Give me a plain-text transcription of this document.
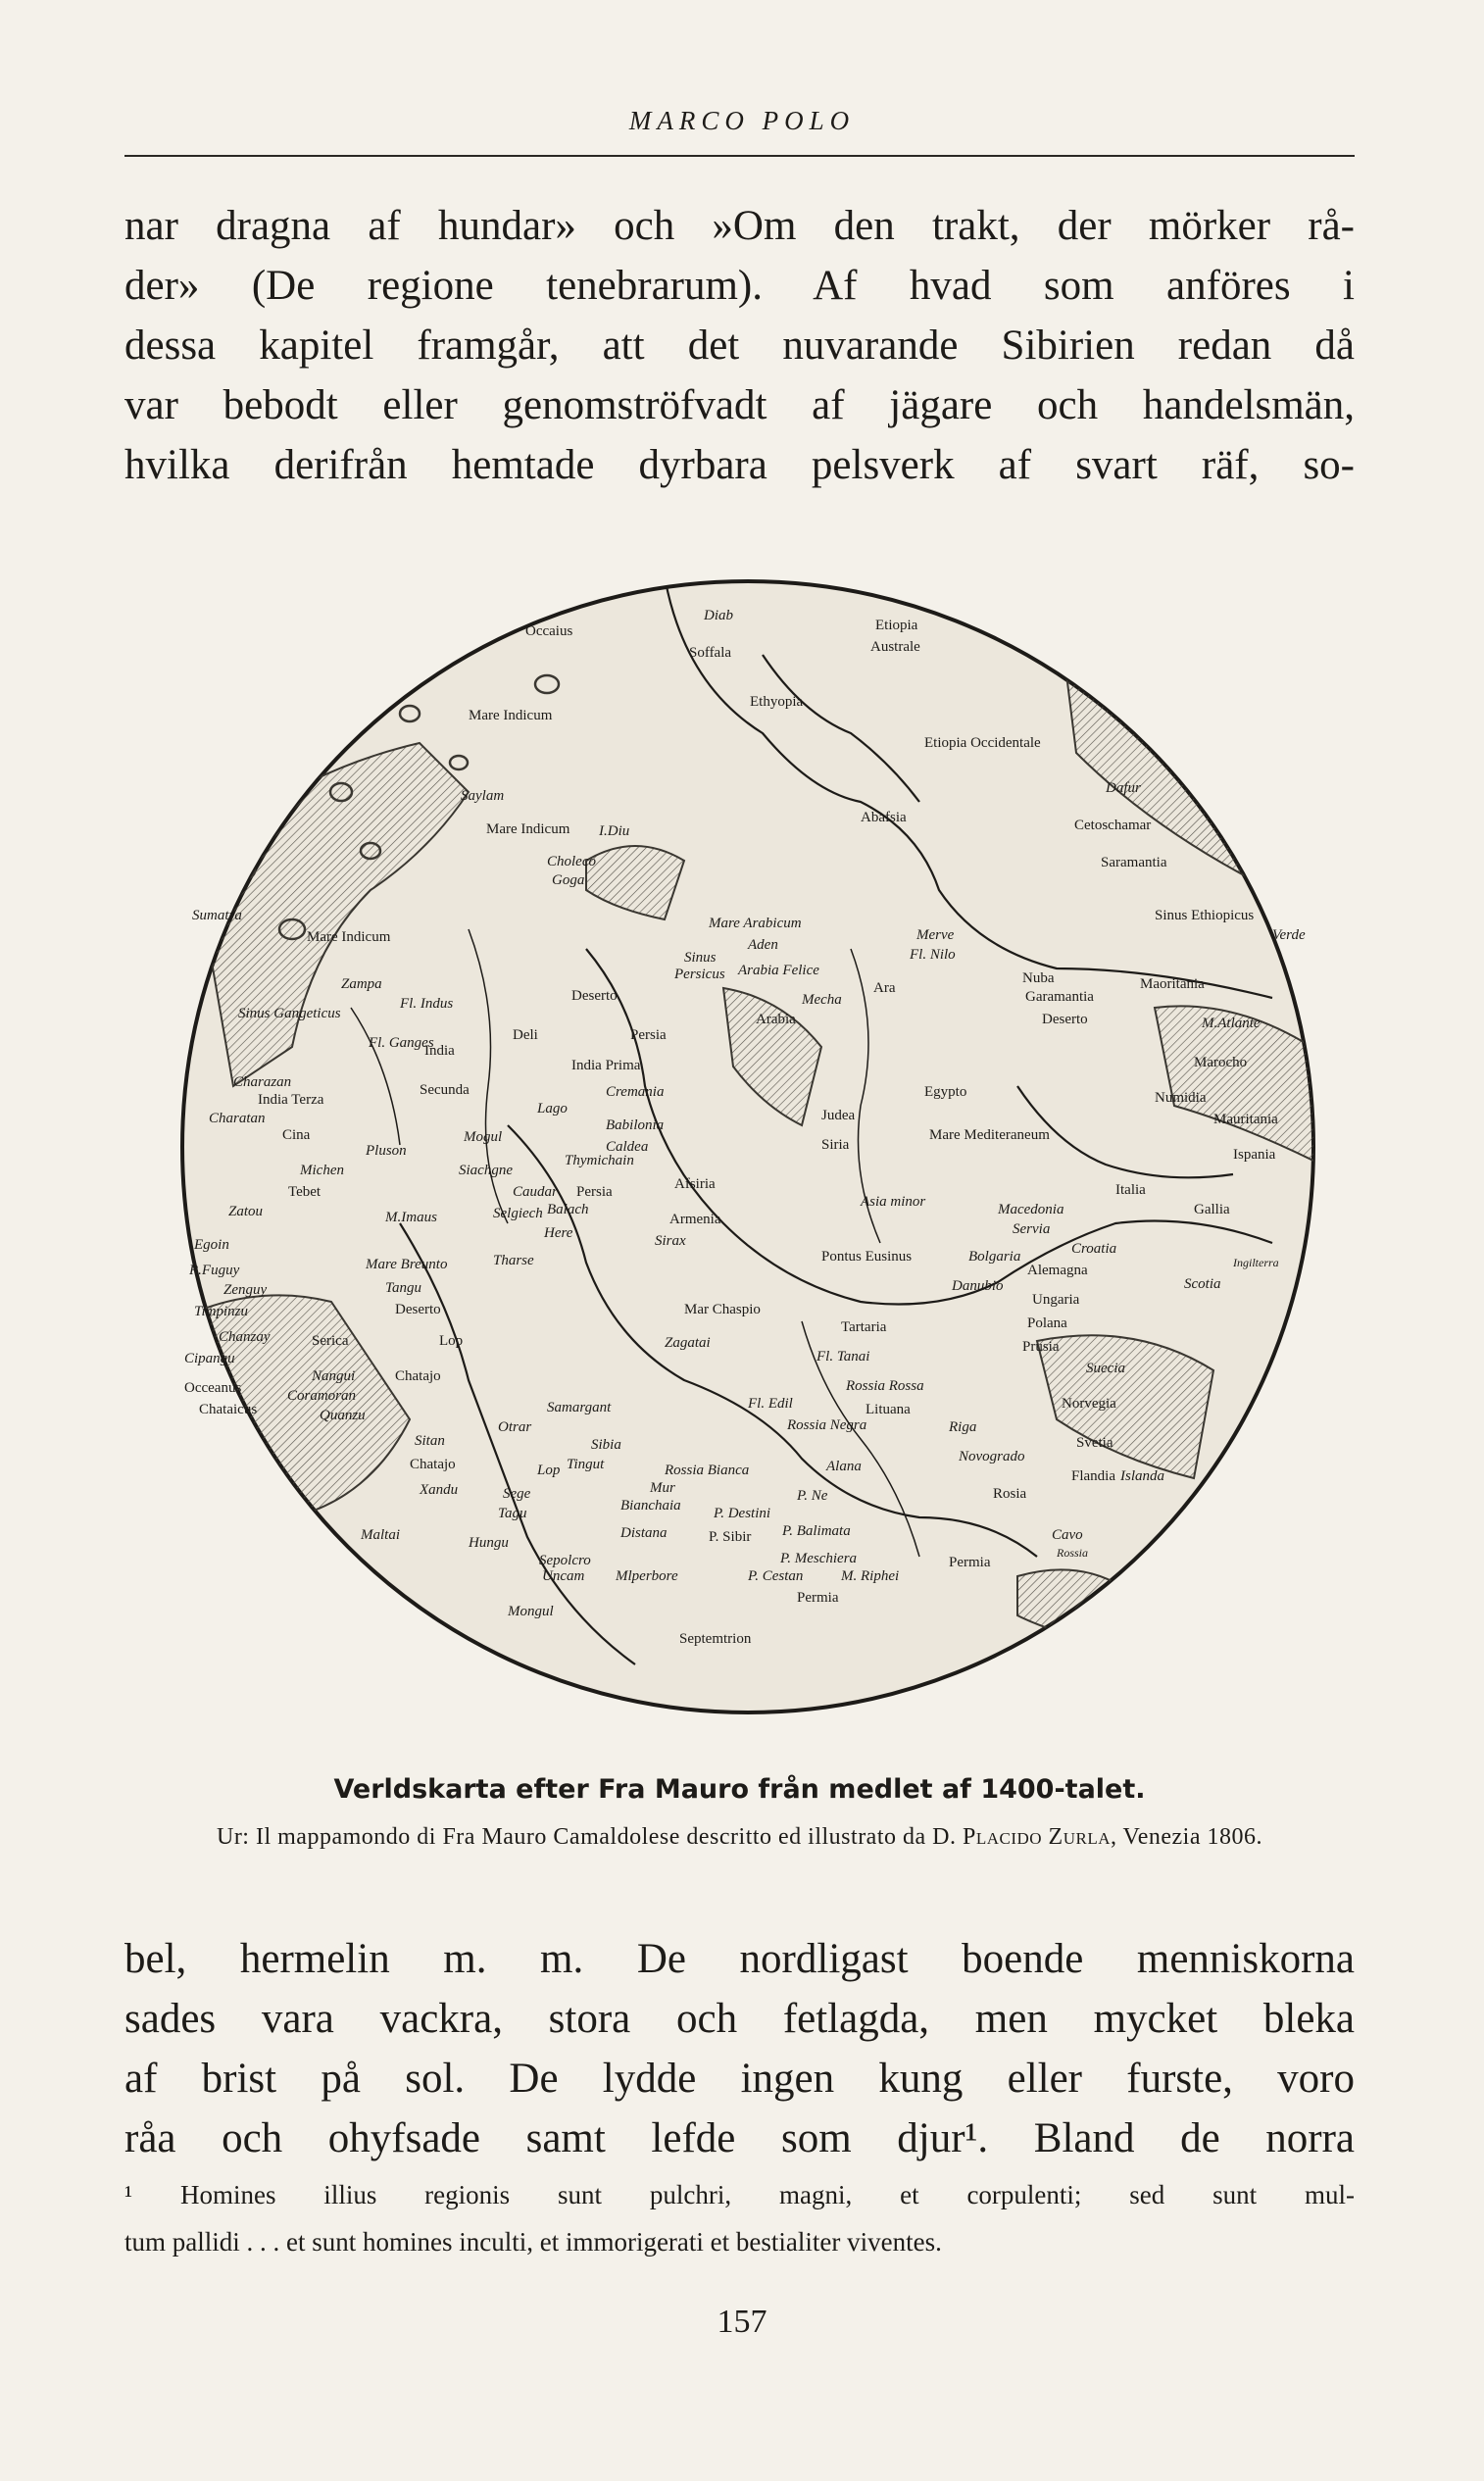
MARCO POLO
nar dragna af hundar» och »Om den trakt, der mörker rå-
der» (De regione tenebrarum). Af hvad som anföres i
dessa kapitel framgår, att det nuvarande Sibirien redan då
var bebodt eller genomströfvadt af jägare och handelsmän,
hvilka derifrån hemtade dyrbara pelsverk af svart räf, so-
Occaius
Diab
Soffala
Etiopia
Australe
Mare Indicum
Ethyopia
Etiopia Occidentale
Dafur
Saylam
Mare Indicum I.Diu
Abafsia	Cetoschamar
Saramantia
Choleco
Goga
Sumatra	Mare Arabicum	Sinus Ethiopicus
Mare Indicum	Aden
Sinus
Persicus Arabia Felice
Merve
Fl. Nilo
Verde
Zampa
Deserto
Nuba
Garamantia
Maoritania
Sinus Gangeticus
Fl. Indus	Mecha
Ara
Deli	Persia
Arabia	Deserto	M.Atlante
Fl. Ganges
India
Charazan
India Prima	Marocho
India Terza
Secunda	Cremania
Lago
Egypto	Numidia
Charatan
Cina
Babilonia
Judea	Mauritania
Pluson
Mogul
Caldea	Siria
Mare Mediteraneum
Ispania
Michen	Siachgne
Thymichain
Tebet	Caudar Persia	Afsiria	Italia
Selgiech Balach	Asia minor
Zatou	M.Imaus	Armenia
Macedonia	Gallia
Egoin
Here	Sirax
Servia
R.Fuguy	Mare Breunto	Tharse	Pontus Eusinus	Bolgaria	Croatia
Zenguy
Alemagna
Scotia
Ingilterra
Timpinzu
Tangu	Danubio
Deserto	Mar Chaspio
Ungaria
Chanzay	Serica	Lop	Zagatai
Tartaria	Polana
Cipangu	Fl. Tanai
Prusia
Nangui	Chatajo	Suecia
Occeanus	Coramoran
Rossia Rossa
Chataicus	Quanzu	Samargant	Fl. Edil	Lituana	Norvegia
Otrar
Sitan	Sibia
Rossia Negra	Riga
Chatajo	Lop Tingut	Rossia Bianca	Alana
Novogrado
Svetia
Xandu	Sege	Mur
Bianchaia P. Destini
P. Ne	Rosia
Flandia Islanda
Tagu
Distana	P. Sibir P. Balimata
Maltai	Hungu
P. Meschiera
Cavo
Rossia
Sepolcro
Uncam Mlperbore	P. Cestan	M. Riphei
Permia
Mongul
Permia
Septemtrion
Verldskarta efter Fra Mauro från medlet af 1400-talet.
Ur: Il mappamondo di Fra Mauro Camaldolese descritto ed illustrato da D. Placido Zurla, Venezia 1806.
bel, hermelin m. m. De nordligast boende menniskorna
sades vara vackra, stora och fetlagda, men mycket bleka
af brist på sol. De lydde ingen kung eller furste, voro
råa och ohyfsade samt lefde som djur¹. Bland de norra
¹ Homines illius regionis sunt pulchri, magni, et corpulenti; sed sunt mul-
tum pallidi . . . et sunt homines inculti, et immorigerati et bestialiter viventes.
157
